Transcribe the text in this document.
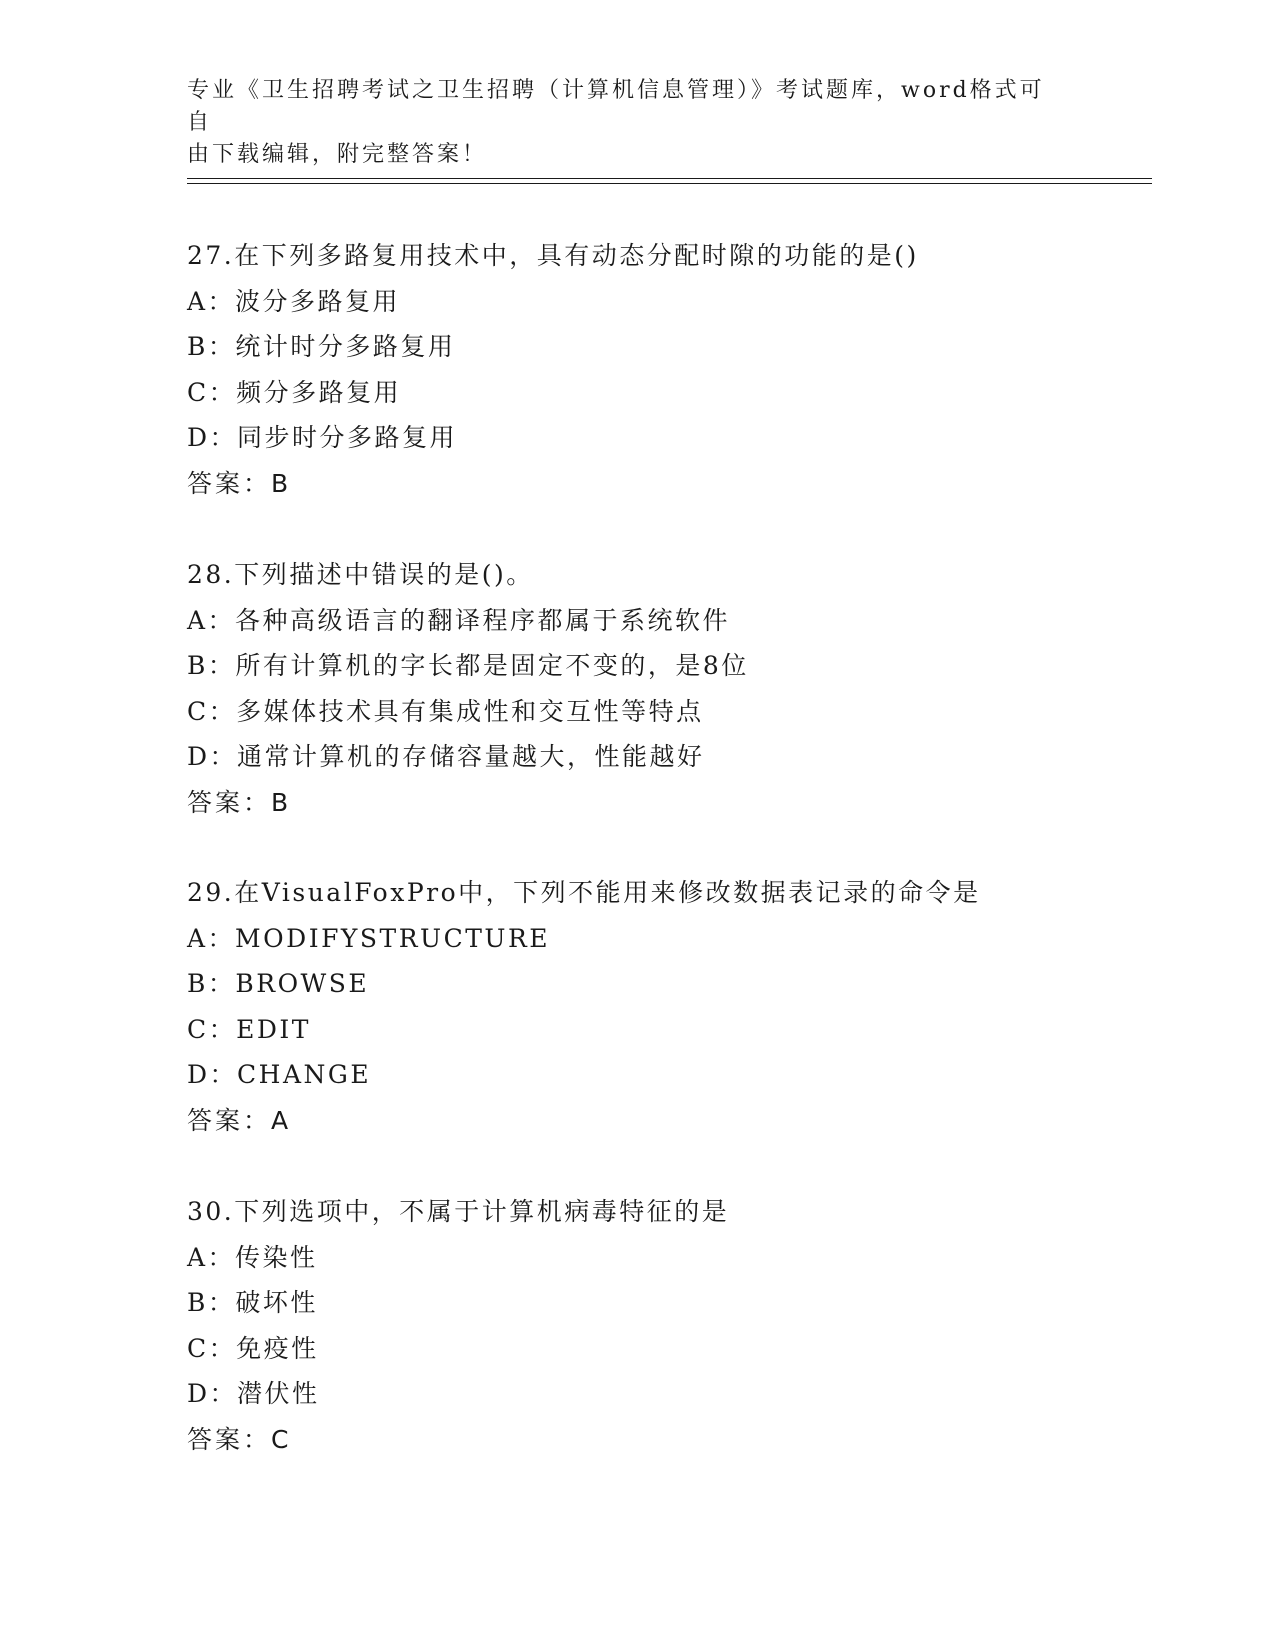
专业《卫生招聘考试之卫生招聘（计算机信息管理）》考试题库，word格式可自
由下载编辑，附完整答案！
27.在下列多路复用技术中，具有动态分配时隙的功能的是()
A：波分多路复用
B：统计时分多路复用
C：频分多路复用
D：同步时分多路复用
答案：B
28.下列描述中错误的是()。
A：各种高级语言的翻译程序都属于系统软件
B：所有计算机的字长都是固定不变的，是8位
C：多媒体技术具有集成性和交互性等特点
D：通常计算机的存储容量越大，性能越好
答案：B
29.在VisualFoxPro中，下列不能用来修改数据表记录的命令是
A：MODIFYSTRUCTURE
B：BROWSE
C：EDIT
D：CHANGE
答案：A
30.下列选项中，不属于计算机病毒特征的是
A：传染性
B：破坏性
C：免疫性
D：潜伏性
答案：C
